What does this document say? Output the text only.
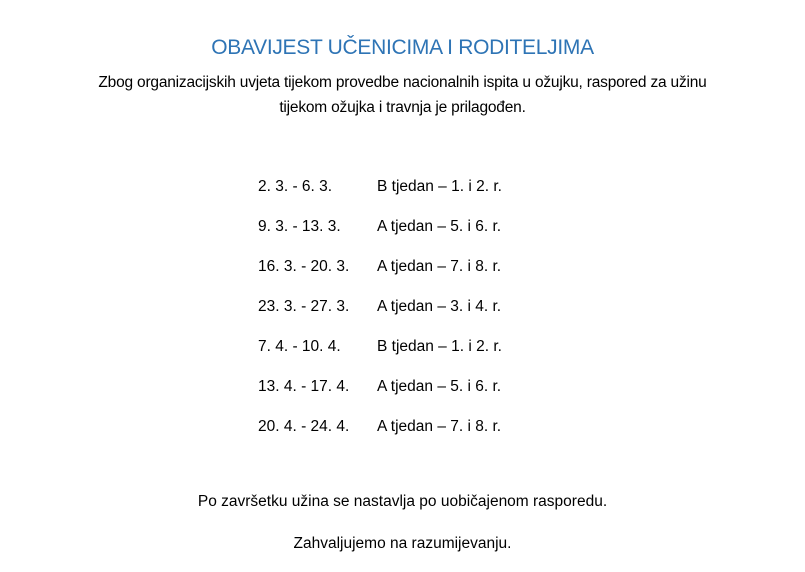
OBAVIJEST UČENICIMA I RODITELJIMA
Zbog organizacijskih uvjeta tijekom provedbe nacionalnih ispita u ožujku, raspored za užinu
tijekom ožujka i travnja je prilagođen.
2. 3. - 6. 3.	B tjedan – 1. i 2. r.
9. 3. - 13. 3.	A tjedan – 5. i 6. r.
16. 3. - 20. 3.	A tjedan – 7. i 8. r.
23. 3. - 27. 3.	A tjedan – 3. i 4. r.
7. 4. - 10. 4.	B tjedan – 1. i 2. r.
13. 4. - 17. 4.	A tjedan – 5. i 6. r.
20. 4. - 24. 4.	A tjedan – 7. i 8. r.
Po završetku užina se nastavlja po uobičajenom rasporedu.
Zahvaljujemo na razumijevanju.
